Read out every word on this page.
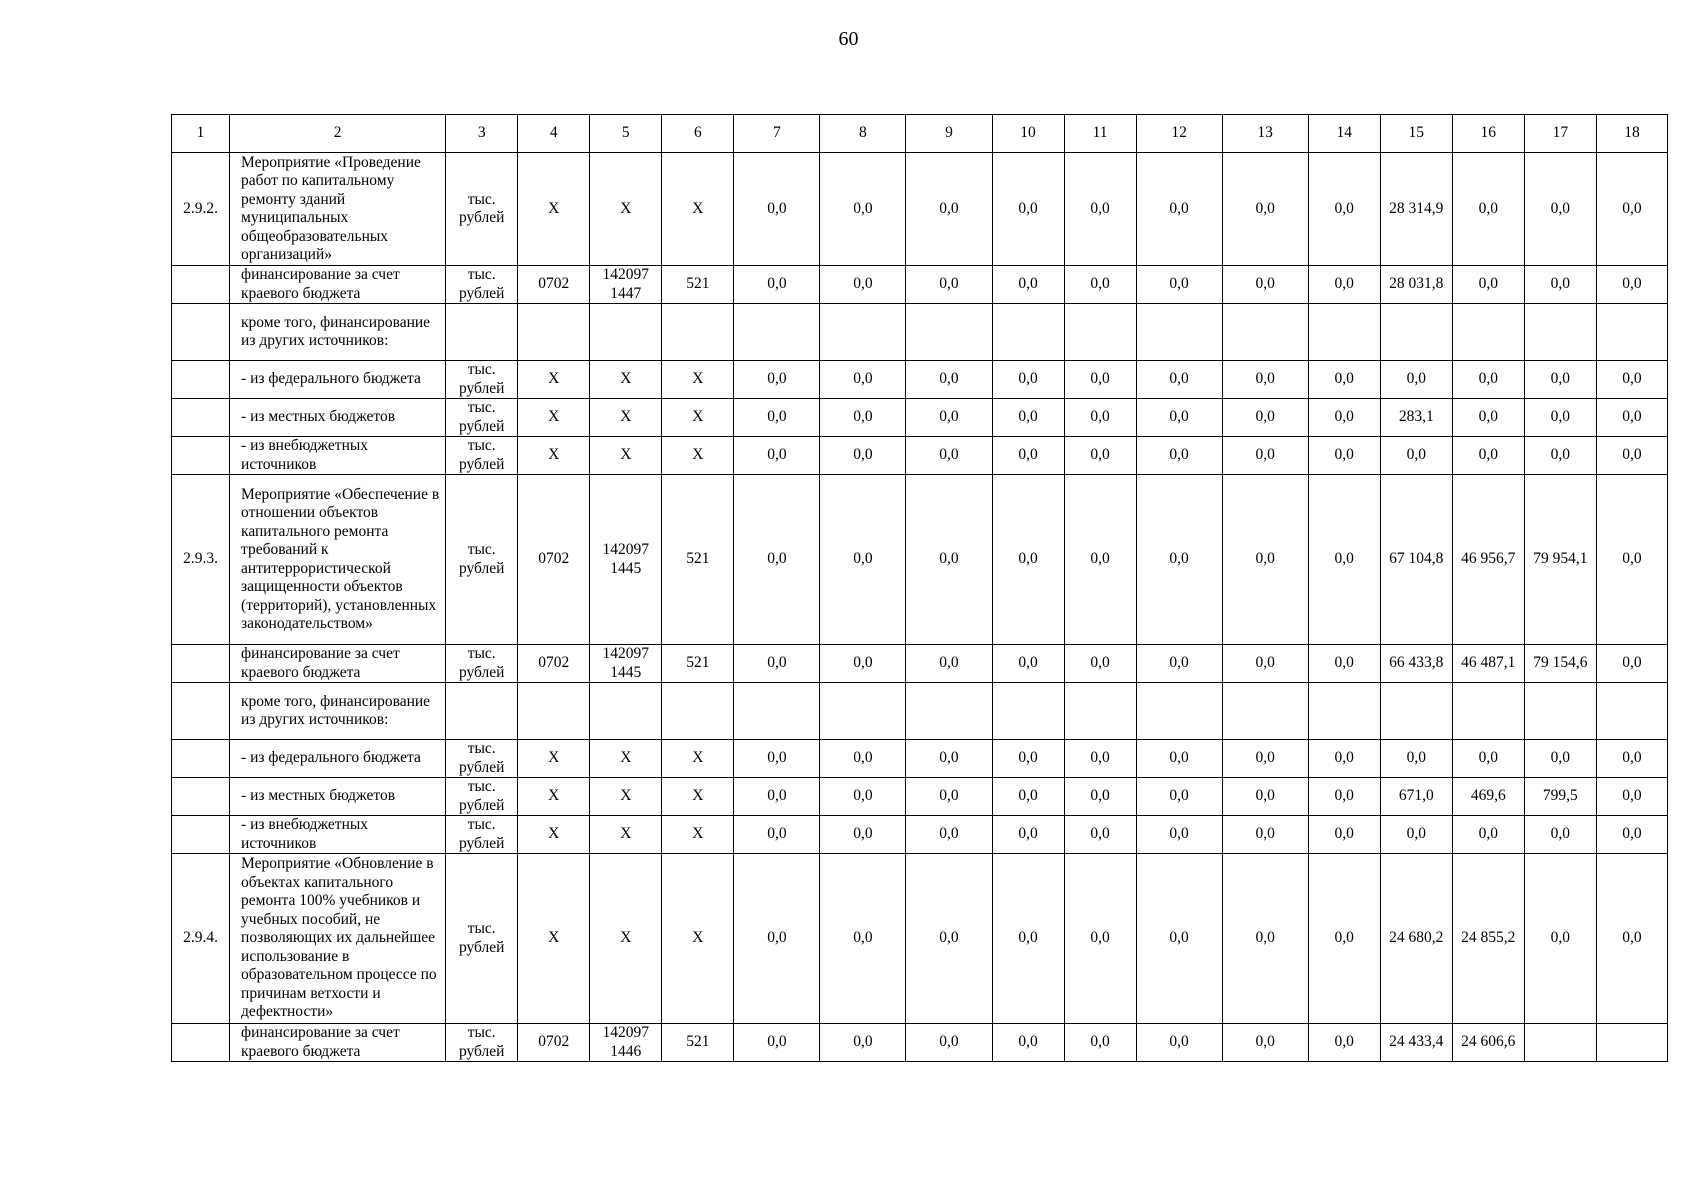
60
1	2	3	4	5	6	7	8	9	10	11	12	13	14	15	16	17	18
2.9.2.	Мероприятие «Проведение работ по капитальному ремонту зданий муниципальных общеобразовательных организаций»	тыс. рублей	Х	Х	Х	0,0	0,0	0,0	0,0	0,0	0,0	0,0	0,0	28 314,9	0,0	0,0	0,0
	финансирование за счет краевого бюджета	тыс. рублей	0702	142097 1447	521	0,0	0,0	0,0	0,0	0,0	0,0	0,0	0,0	28 031,8	0,0	0,0	0,0
	кроме того, финансирование из других источников:																
	- из федерального бюджета	тыс. рублей	Х	Х	Х	0,0	0,0	0,0	0,0	0,0	0,0	0,0	0,0	0,0	0,0	0,0	0,0
	- из местных бюджетов	тыс. рублей	Х	Х	Х	0,0	0,0	0,0	0,0	0,0	0,0	0,0	0,0	283,1	0,0	0,0	0,0
	- из внебюджетных источников	тыс. рублей	Х	Х	Х	0,0	0,0	0,0	0,0	0,0	0,0	0,0	0,0	0,0	0,0	0,0	0,0
2.9.3.	Мероприятие «Обеспечение в отношении объектов капитального ремонта требований к антитеррористической защищенности объектов (территорий), установленных законодательством»	тыс. рублей	0702	142097 1445	521	0,0	0,0	0,0	0,0	0,0	0,0	0,0	0,0	67 104,8	46 956,7	79 954,1	0,0
	финансирование за счет краевого бюджета	тыс. рублей	0702	142097 1445	521	0,0	0,0	0,0	0,0	0,0	0,0	0,0	0,0	66 433,8	46 487,1	79 154,6	0,0
	кроме того, финансирование из других источников:																
	- из федерального бюджета	тыс. рублей	Х	Х	Х	0,0	0,0	0,0	0,0	0,0	0,0	0,0	0,0	0,0	0,0	0,0	0,0
	- из местных бюджетов	тыс. рублей	Х	Х	Х	0,0	0,0	0,0	0,0	0,0	0,0	0,0	0,0	671,0	469,6	799,5	0,0
	- из внебюджетных источников	тыс. рублей	Х	Х	Х	0,0	0,0	0,0	0,0	0,0	0,0	0,0	0,0	0,0	0,0	0,0	0,0
2.9.4.	Мероприятие «Обновление в объектах капитального ремонта 100% учебников и учебных пособий, не позволяющих их дальнейшее использование в образовательном процессе по причинам ветхости и дефектности»	тыс. рублей	Х	Х	Х	0,0	0,0	0,0	0,0	0,0	0,0	0,0	0,0	24 680,2	24 855,2	0,0	0,0
	финансирование за счет краевого бюджета	тыс. рублей	0702	142097 1446	521	0,0	0,0	0,0	0,0	0,0	0,0	0,0	0,0	24 433,4	24 606,6		
